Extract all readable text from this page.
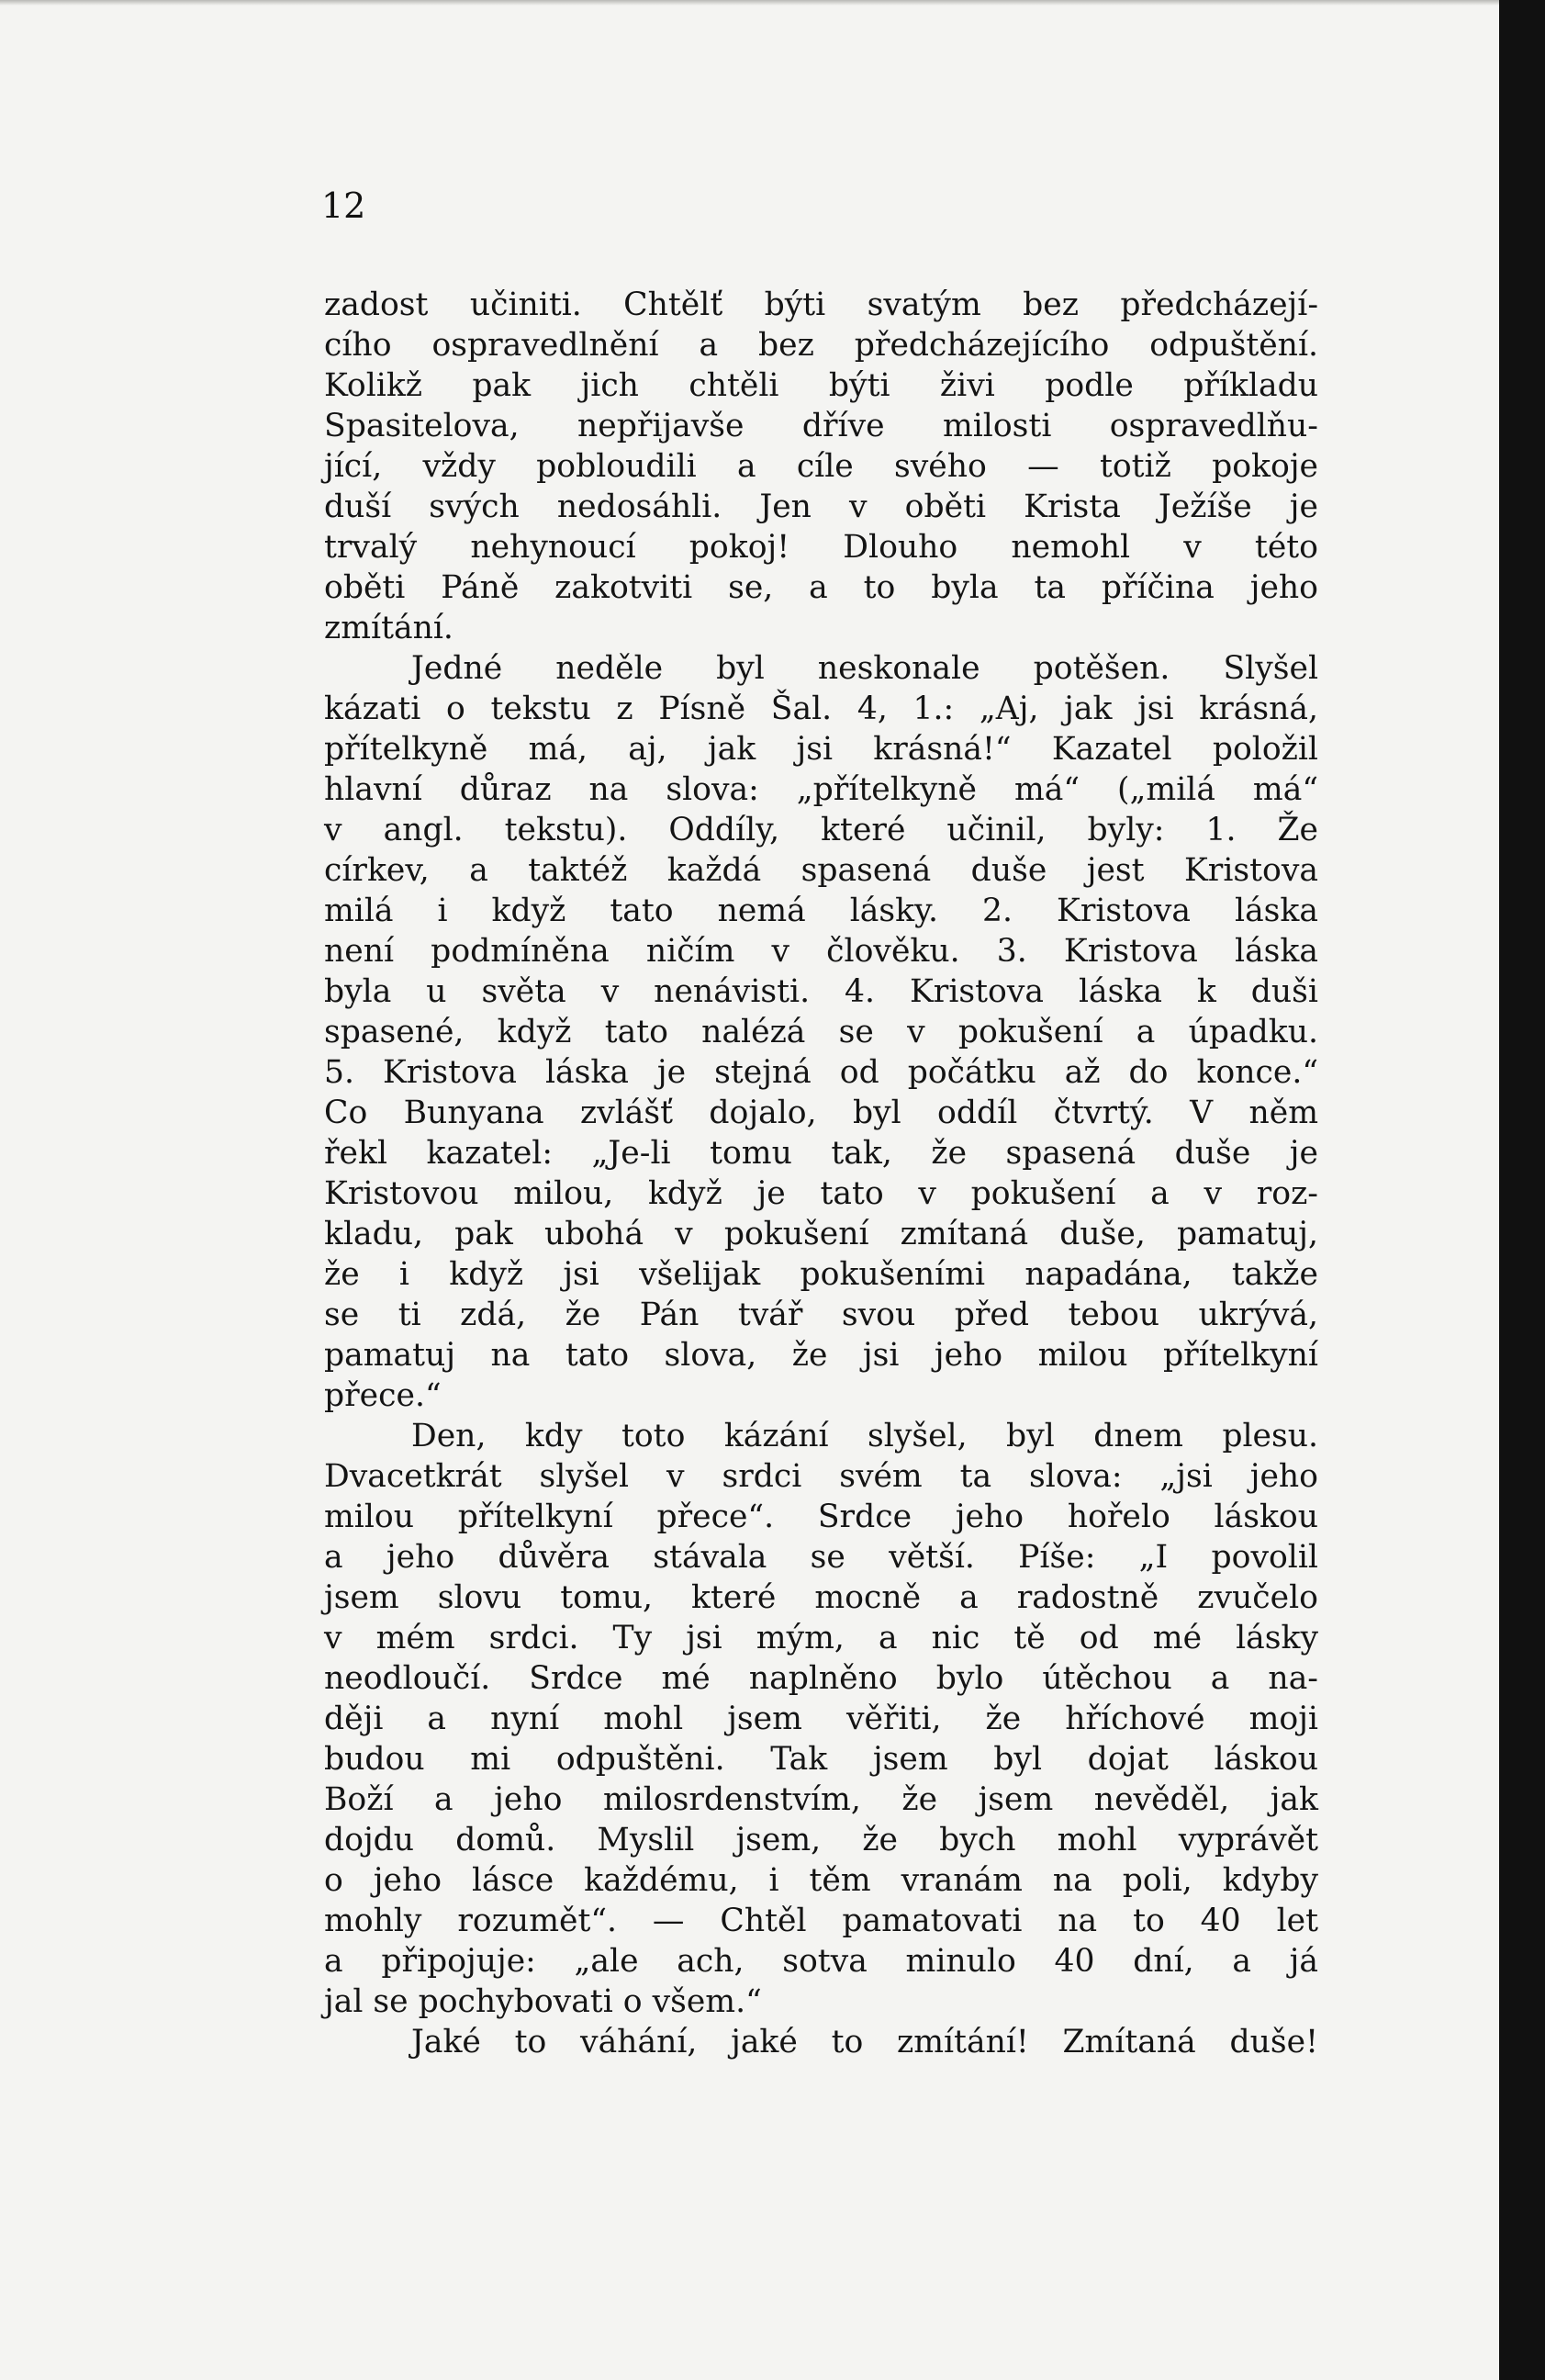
12
zadost učiniti. Chtělť býti svatým bez předcházejí-
cího ospravedlnění a bez předcházejícího odpuštění.
Kolikž pak jich chtěli býti živi podle příkladu
Spasitelova, nepřijavše dříve milosti ospravedlňu-
jící, vždy pobloudili a cíle svého — totiž pokoje
duší svých nedosáhli. Jen v oběti Krista Ježíše je
trvalý nehynoucí pokoj! Dlouho nemohl v této
oběti Páně zakotviti se, a to byla ta příčina jeho
zmítání.
Jedné neděle byl neskonale potěšen. Slyšel
kázati o tekstu z Písně Šal. 4, 1.: „Aj, jak jsi krásná,
přítelkyně má, aj, jak jsi krásná!“ Kazatel položil
hlavní důraz na slova: „přítelkyně má“ („milá má“
v angl. tekstu). Oddíly, které učinil, byly: 1. Že
církev, a taktéž každá spasená duše jest Kristova
milá i když tato nemá lásky. 2. Kristova láska
není podmíněna ničím v člověku. 3. Kristova láska
byla u světa v nenávisti. 4. Kristova láska k duši
spasené, když tato nalézá se v pokušení a úpadku.
5. Kristova láska je stejná od počátku až do konce.“
Co Bunyana zvlášť dojalo, byl oddíl čtvrtý. V něm
řekl kazatel: „Je-li tomu tak, že spasená duše je
Kristovou milou, když je tato v pokušení a v roz-
kladu, pak ubohá v pokušení zmítaná duše, pamatuj,
že i když jsi všelijak pokušeními napadána, takže
se ti zdá, že Pán tvář svou před tebou ukrývá,
pamatuj na tato slova, že jsi jeho milou přítelkyní
přece.“
Den, kdy toto kázání slyšel, byl dnem plesu.
Dvacetkrát slyšel v srdci svém ta slova: „jsi jeho
milou přítelkyní přece“. Srdce jeho hořelo láskou
a jeho důvěra stávala se větší. Píše: „I povolil
jsem slovu tomu, které mocně a radostně zvučelo
v mém srdci. Ty jsi mým, a nic tě od mé lásky
neodloučí. Srdce mé naplněno bylo útěchou a na-
ději a nyní mohl jsem věřiti, že hříchové moji
budou mi odpuštěni. Tak jsem byl dojat láskou
Boží a jeho milosrdenstvím, že jsem nevěděl, jak
dojdu domů. Myslil jsem, že bych mohl vyprávět
o jeho lásce každému, i těm vranám na poli, kdyby
mohly rozumět“. — Chtěl pamatovati na to 40 let
a připojuje: „ale ach, sotva minulo 40 dní, a já
jal se pochybovati o všem.“
Jaké to váhání, jaké to zmítání! Zmítaná duše!
